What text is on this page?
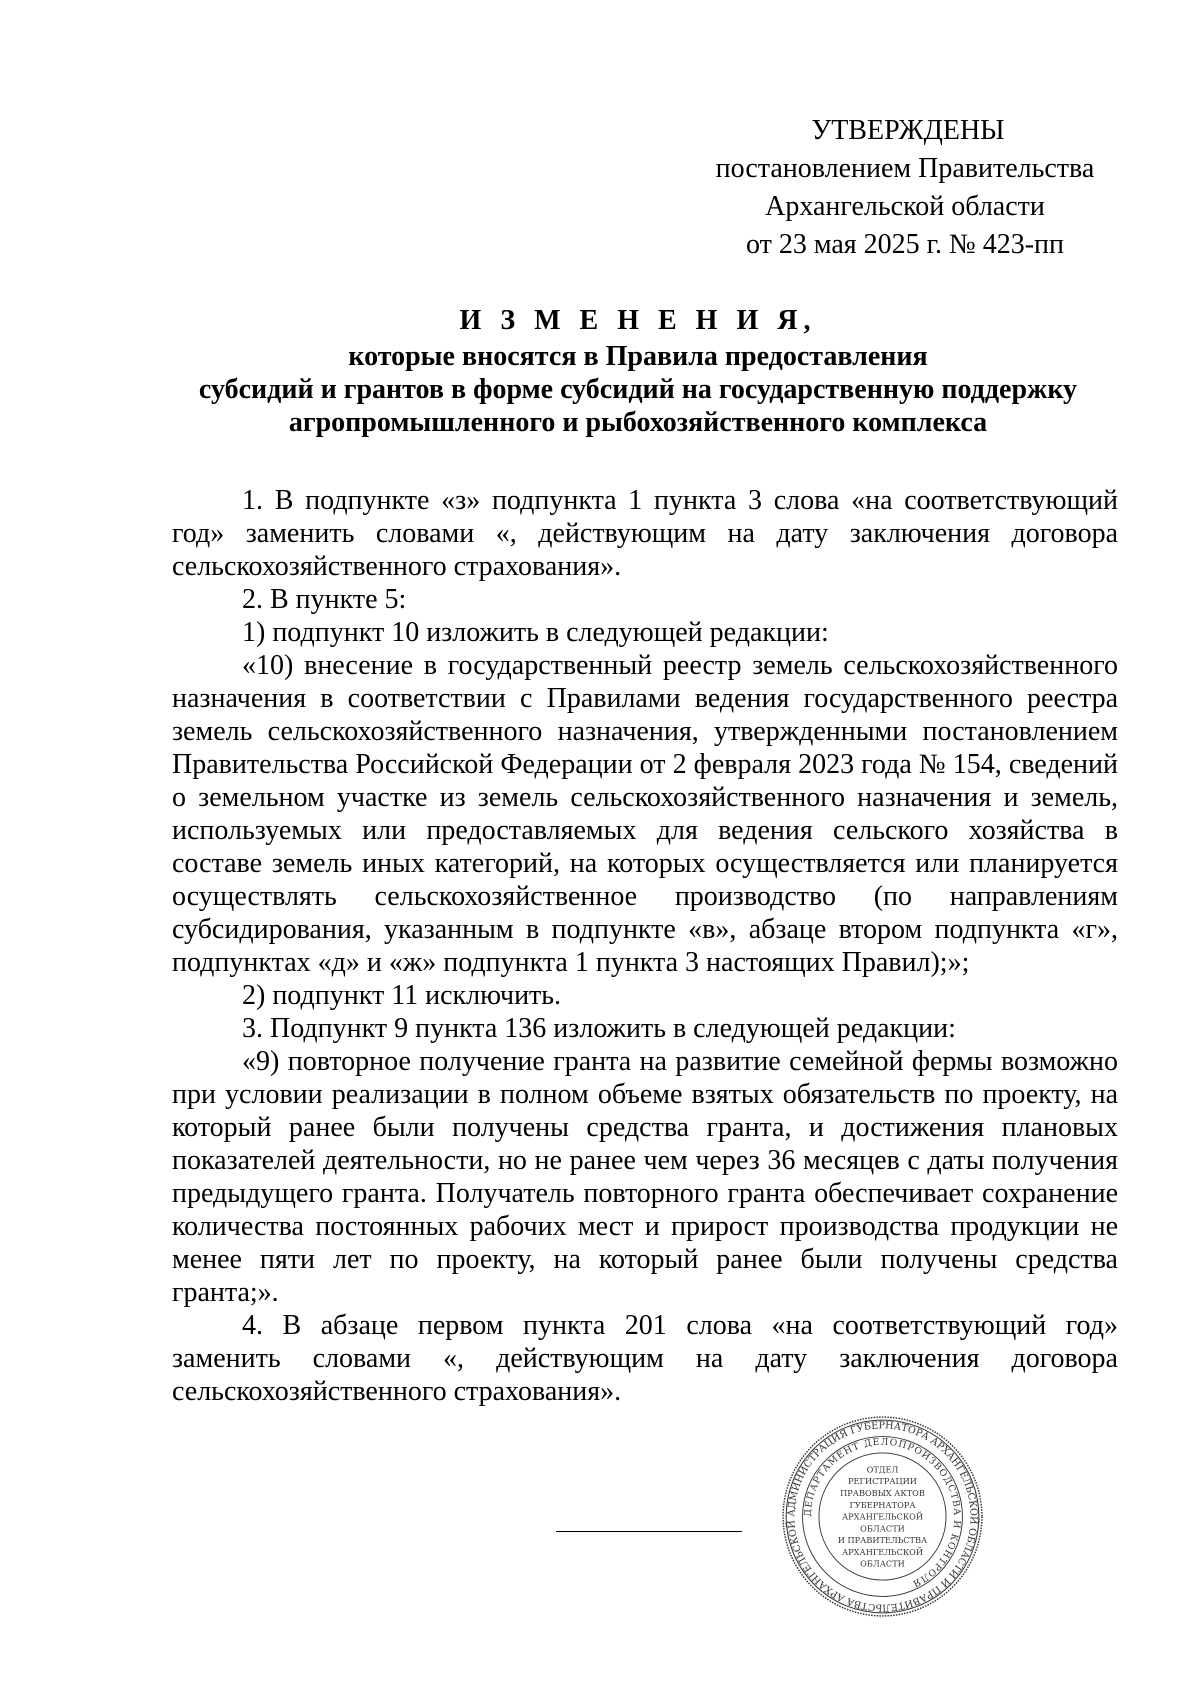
УТВЕРЖДЕНЫ
постановлением Правительства
Архангельской области
от 23 мая 2025 г. № 423-пп
И З М Е Н Е Н И Я,
которые вносятся в Правила предоставления
субсидий и грантов в форме субсидий на государственную поддержку
агропромышленного и рыбохозяйственного комплекса

1. В подпункте «з» подпункта 1 пункта 3 слова «на соответствующий год» заменить словами «, действующим на дату заключения договора сельскохозяйственного страхования».

2. В пункте 5:

1) подпункт 10 изложить в следующей редакции:

«10) внесение в государственный реестр земель сельскохозяйственного назначения в соответствии с Правилами ведения государственного реестра земель сельскохозяйственного назначения, утвержденными постановлением Правительства Российской Федерации от 2 февраля 2023 года № 154, сведений о земельном участке из земель сельскохозяйственного назначения и земель, используемых или предоставляемых для ведения сельского хозяйства в составе земель иных категорий, на которых осуществляется или планируется осуществлять сельскохозяйственное производство (по направлениям субсидирования, указанным в подпункте «в», абзаце втором подпункта «г», подпунктах «д» и «ж» подпункта 1 пункта 3 настоящих Правил);»;

2) подпункт 11 исключить.

3. Подпункт 9 пункта 136 изложить в следующей редакции:

«9) повторное получение гранта на развитие семейной фермы возможно при условии реализации в полном объеме взятых обязательств по проекту, на который ранее были получены средства гранта, и достижения плановых показателей деятельности, но не ранее чем через 36 месяцев с даты получения предыдущего гранта. Получатель повторного гранта обеспечивает сохранение количества постоянных рабочих мест и прирост производства продукции не менее пяти лет по проекту, на который ранее были получены средства гранта;».

4. В абзаце первом пункта 201 слова «на соответствующий год» заменить словами «, действующим на дату заключения договора сельскохозяйственного страхования».

АДМИНИСТРАЦИЯ ГУБЕРНАТОРА АРХАНГЕЛЬСКОЙ ОБЛАСТИ И ПРАВИТЕЛЬСТВА АРХАНГЕЛЬСКОЙ
ДЕПАРТАМЕНТ ДЕЛОПРОИЗВОДСТВА И КОНТРОЛЯ
ОТДЕЛ
РЕГИСТРАЦИИ
ПРАВОВЫХ АКТОВ
ГУБЕРНАТОРА
АРХАНГЕЛЬСКОЙ
ОБЛАСТИ
И ПРАВИТЕЛЬСТВА
АРХАНГЕЛЬСКОЙ
ОБЛАСТИ
